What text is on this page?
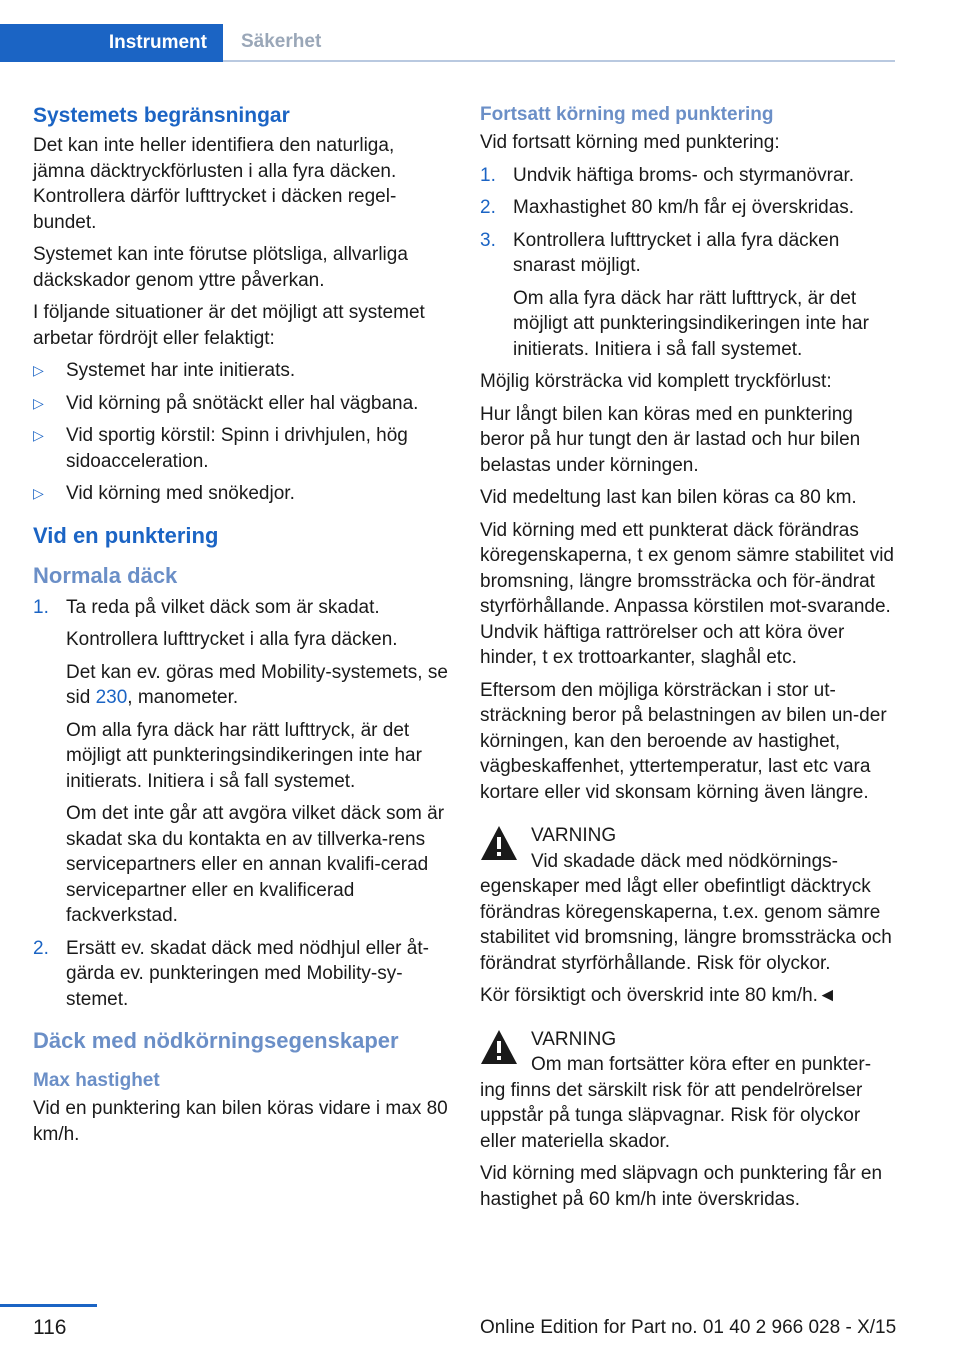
Instrument	Säkerhet
Systemets begränsningar

Det kan inte heller identifiera den naturliga, jämna däcktryckförlusten i alla fyra däcken. Kontrollera därför lufttrycket i däcken regel-bundet.

Systemet kan inte förutse plötsliga, allvarliga däckskador genom yttre påverkan.

I följande situationer är det möjligt att systemet arbetar fördröjt eller felaktigt:

▷ Systemet har inte initierats.
▷ Vid körning på snötäckt eller hal vägbana.
▷ Vid sportig körstil: Spinn i drivhjulen, hög sidoacceleration.
▷ Vid körning med snökedjor.
Vid en punktering
Normala däck
1. Ta reda på vilket däck som är skadat.
Kontrollera lufttrycket i alla fyra däcken.
Det kan ev. göras med Mobility-systemets, se sid 230, manometer.
Om alla fyra däck har rätt lufttryck, är det möjligt att punkteringsindikeringen inte har initierats. Initiera i så fall systemet.
Om det inte går att avgöra vilket däck som är skadat ska du kontakta en av tillverka-rens servicepartners eller en annan kvalifi-cerad servicepartner eller en kvalificerad fackverkstad.
2. Ersätt ev. skadat däck med nödhjul eller åt-gärda ev. punkteringen med Mobility-sy-stemet.
Däck med nödkörningsegenskaper
Max hastighet

Vid en punktering kan bilen köras vidare i max 80 km/h.

Fortsatt körning med punktering

Vid fortsatt körning med punktering:

1. Undvik häftiga broms- och styrmanövrar.
2. Maxhastighet 80 km/h får ej överskridas.
3. Kontrollera lufttrycket i alla fyra däcken snarast möjligt.
Om alla fyra däck har rätt lufttryck, är det möjligt att punkteringsindikeringen inte har initierats. Initiera i så fall systemet.

Möjlig körsträcka vid komplett tryckförlust:

Hur långt bilen kan köras med en punktering beror på hur tungt den är lastad och hur bilen belastas under körningen.

Vid medeltung last kan bilen köras ca 80 km.

Vid körning med ett punkterat däck förändras köregenskaperna, t ex genom sämre stabilitet vid bromsning, längre bromssträcka och för-ändrat styrförhållande. Anpassa körstilen mot-svarande. Undvik häftiga rattrörelser och att köra över hinder, t ex trottoarkanter, slaghål etc.

Eftersom den möjliga körsträckan i stor ut-sträckning beror på belastningen av bilen un-der körningen, kan den beroende av hastighet, vägbeskaffenhet, yttertemperatur, last etc vara kortare eller vid skonsam körning även längre.

VARNING
Vid skadade däck med nödkörnings-

egenskaper med lågt eller obefintligt däcktryck förändras köregenskaperna, t.ex. genom sämre stabilitet vid bromsning, längre bromssträcka och förändrat styrförhållande. Risk för olyckor.

Kör försiktigt och överskrid inte 80 km/h.◄

VARNING
Om man fortsätter köra efter en punkter-

ing finns det särskilt risk för att pendelrörelser uppstår på tunga släpvagnar. Risk för olyckor eller materiella skador.

Vid körning med släpvagn och punktering får en hastighet på 60 km/h inte överskridas.

116	Online Edition for Part no. 01 40 2 966 028 - X/15
